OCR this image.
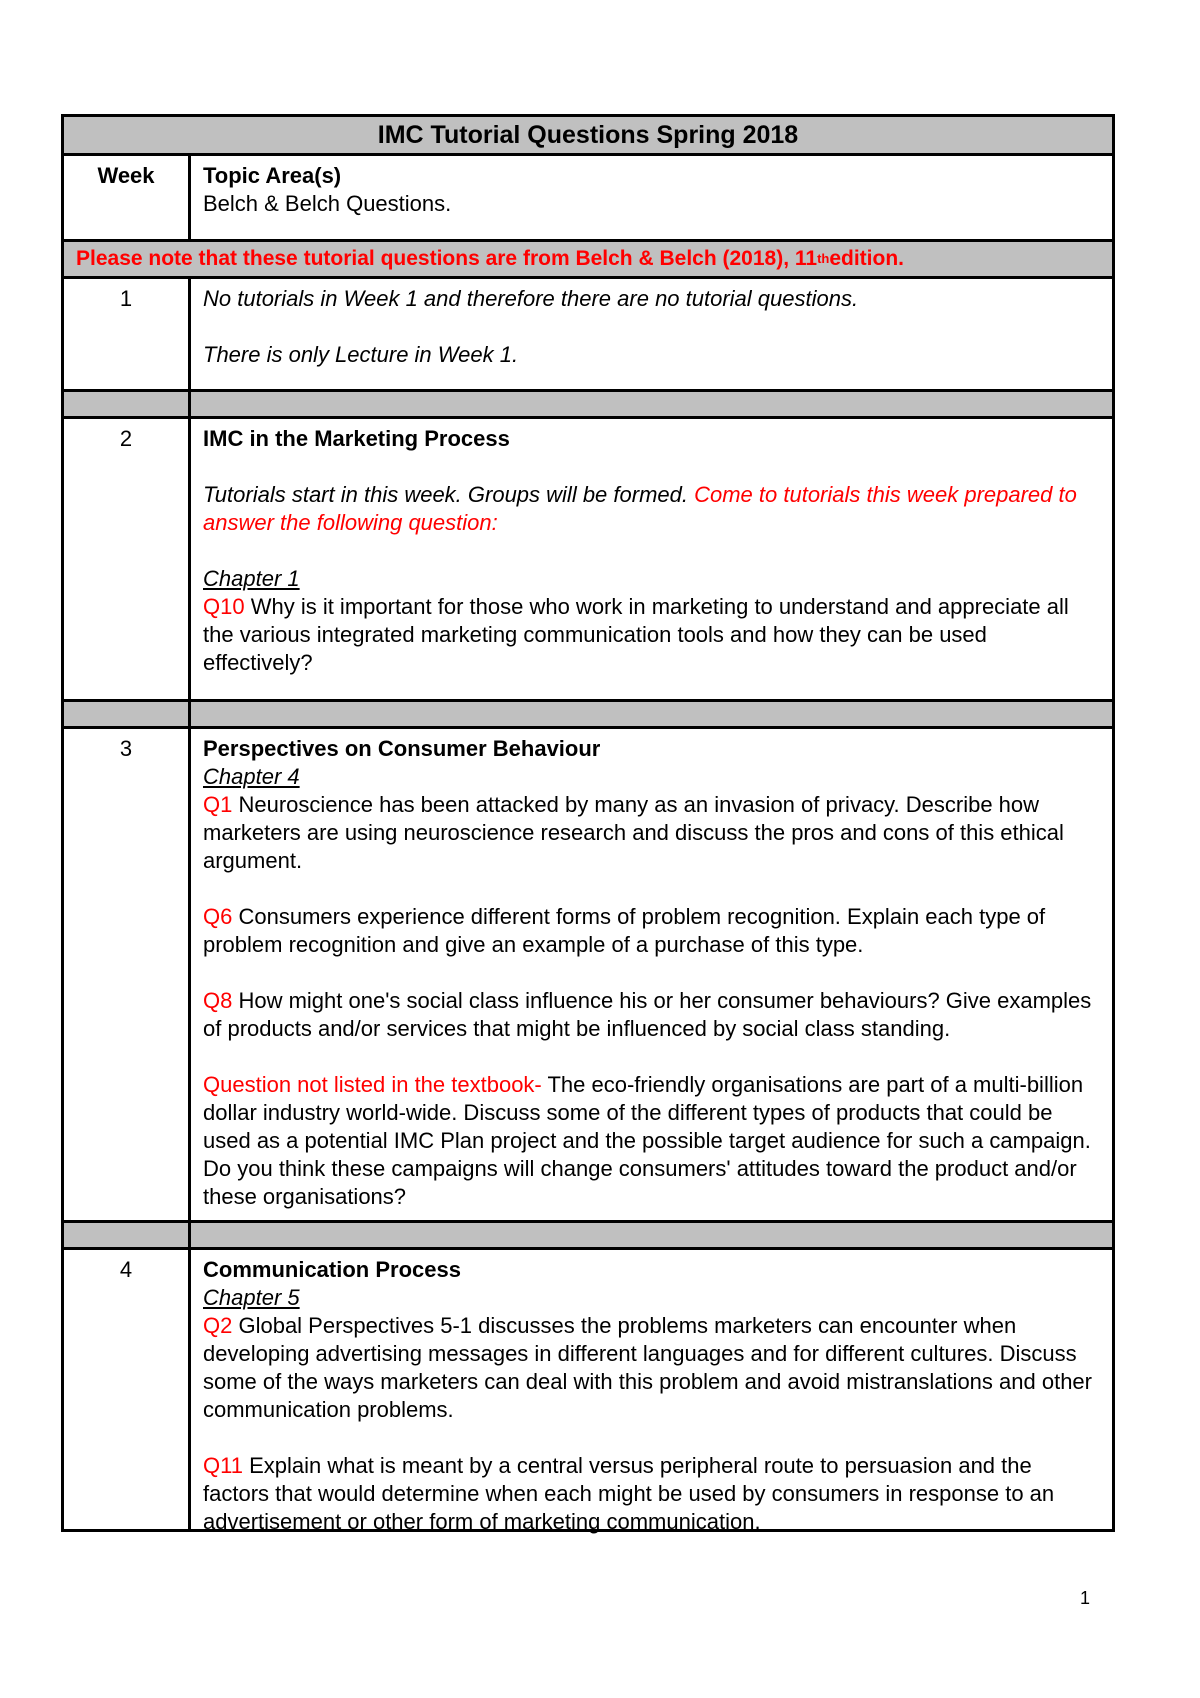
IMC Tutorial Questions Spring 2018
Week	Topic Area(s)
Belch & Belch Questions.
Please note that these tutorial questions are from Belch & Belch (2018), 11 th edition.
1	No tutorials in Week 1 and therefore there are no tutorial questions.
There is only Lecture in Week 1.
2	IMC in the Marketing Process
Tutorials start in this week. Groups will be formed. Come to tutorials this week prepared to answer the following question:
Chapter 1
Q10 Why is it important for those who work in marketing to understand and appreciate all the various integrated marketing communication tools and how they can be used effectively?
3	Perspectives on Consumer Behaviour
Chapter 4
Q1 Neuroscience has been attacked by many as an invasion of privacy. Describe how marketers are using neuroscience research and discuss the pros and cons of this ethical argument.
Q6 Consumers experience different forms of problem recognition. Explain each type of problem recognition and give an example of a purchase of this type.
Q8 How might one's social class influence his or her consumer behaviours? Give examples of products and/or services that might be influenced by social class standing.
Question not listed in the textbook- The eco-friendly organisations are part of a multi-billion dollar industry world-wide. Discuss some of the different types of products that could be used as a potential IMC Plan project and the possible target audience for such a campaign. Do you think these campaigns will change consumers' attitudes toward the product and/or these organisations?
4	Communication Process
Chapter 5
Q2 Global Perspectives 5-1 discusses the problems marketers can encounter when developing advertising messages in different languages and for different cultures. Discuss some of the ways marketers can deal with this problem and avoid mistranslations and other communication problems.
Q11 Explain what is meant by a central versus peripheral route to persuasion and the factors that would determine when each might be used by consumers in response to an advertisement or other form of marketing communication.
1
